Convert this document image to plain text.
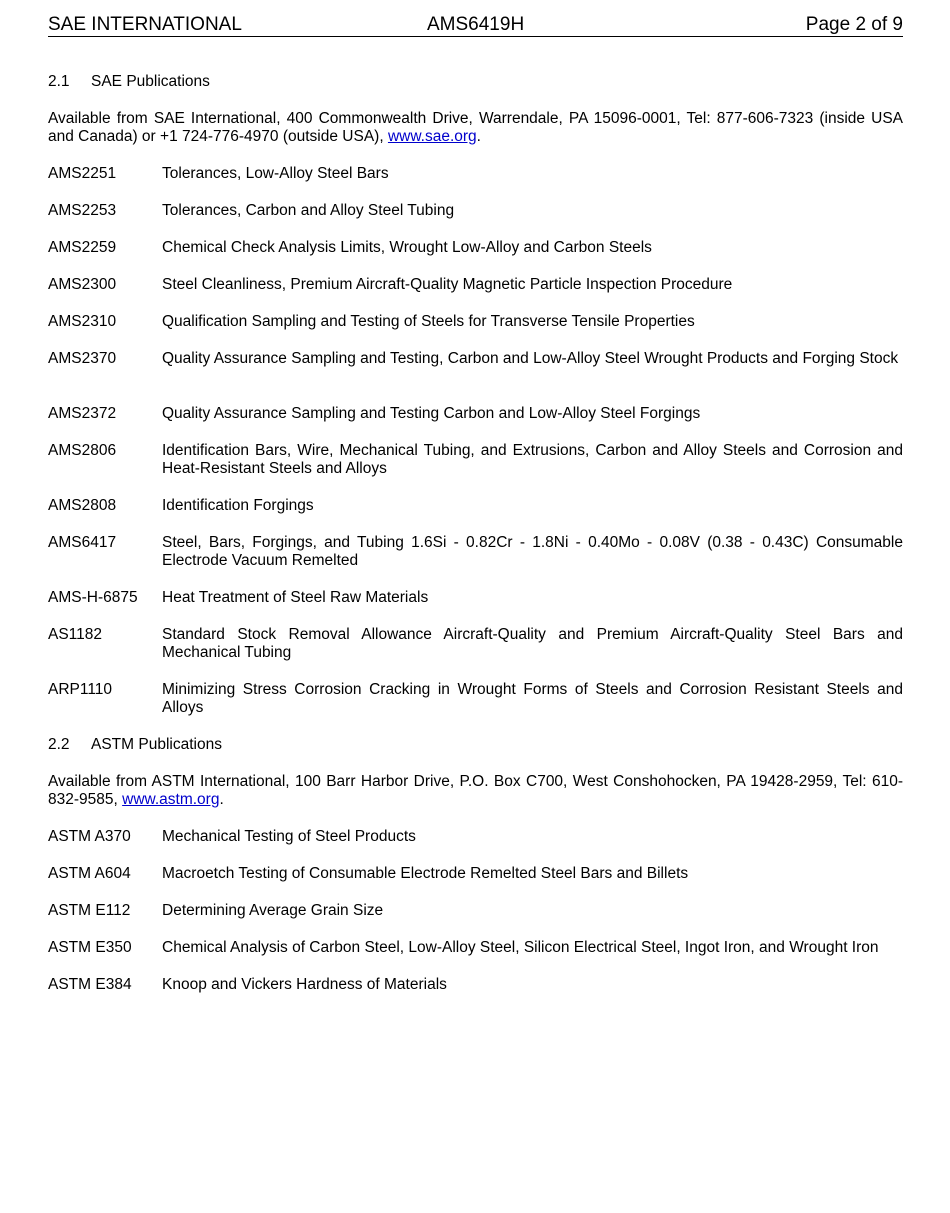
SAE INTERNATIONAL	AMS6419H	Page 2 of 9
2.1 SAE Publications
Available from SAE International, 400 Commonwealth Drive, Warrendale, PA 15096-0001, Tel: 877-606-7323 (inside USA and Canada) or +1 724-776-4970 (outside USA), www.sae.org.
AMS2251	Tolerances, Low-Alloy Steel Bars
AMS2253	Tolerances, Carbon and Alloy Steel Tubing
AMS2259	Chemical Check Analysis Limits, Wrought Low-Alloy and Carbon Steels
AMS2300	Steel Cleanliness, Premium Aircraft-Quality Magnetic Particle Inspection Procedure
AMS2310	Qualification Sampling and Testing of Steels for Transverse Tensile Properties
AMS2370	Quality Assurance Sampling and Testing, Carbon and Low-Alloy Steel Wrought Products and Forging Stock
AMS2372	Quality Assurance Sampling and Testing Carbon and Low-Alloy Steel Forgings
AMS2806	Identification Bars, Wire, Mechanical Tubing, and Extrusions, Carbon and Alloy Steels and Corrosion and Heat-Resistant Steels and Alloys
AMS2808	Identification Forgings
AMS6417	Steel, Bars, Forgings, and Tubing 1.6Si - 0.82Cr - 1.8Ni - 0.40Mo - 0.08V (0.38 - 0.43C) Consumable Electrode Vacuum Remelted
AMS-H-6875	Heat Treatment of Steel Raw Materials
AS1182	Standard Stock Removal Allowance Aircraft-Quality and Premium Aircraft-Quality Steel Bars and Mechanical Tubing
ARP1110	Minimizing Stress Corrosion Cracking in Wrought Forms of Steels and Corrosion Resistant Steels and Alloys
2.2 ASTM Publications
Available from ASTM International, 100 Barr Harbor Drive, P.O. Box C700, West Conshohocken, PA 19428-2959, Tel: 610-832-9585, www.astm.org.
ASTM A370	Mechanical Testing of Steel Products
ASTM A604	Macroetch Testing of Consumable Electrode Remelted Steel Bars and Billets
ASTM E112	Determining Average Grain Size
ASTM E350	Chemical Analysis of Carbon Steel, Low-Alloy Steel, Silicon Electrical Steel, Ingot Iron, and Wrought Iron
ASTM E384	Knoop and Vickers Hardness of Materials
